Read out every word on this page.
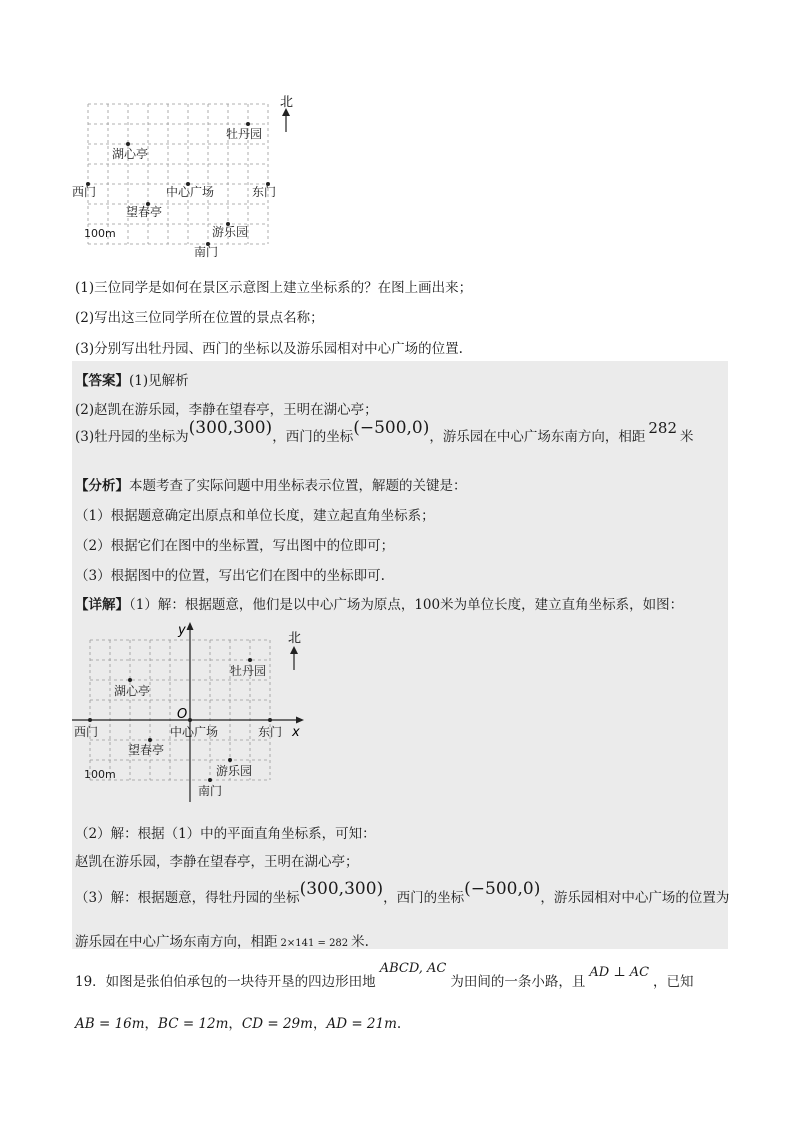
北
牡丹园
湖心亭
西门	中心广场	东门
望春亭
游乐园
南门
100m
(1)三位同学是如何在景区示意图上建立坐标系的？在图上画出来；
(2)写出这三位同学所在位置的景点名称；
(3)分别写出牡丹园、西门的坐标以及游乐园相对中心广场的位置.
【答案】(1)见解析
(2)赵凯在游乐园，李静在望春亭，王明在湖心亭；
(3)牡丹园的坐标为(300,300)，西门的坐标(−500,0)，游乐园在中心广场东南方向，相距 282 米
【分析】本题考查了实际问题中用坐标表示位置，解题的关键是：
（1）根据题意确定出原点和单位长度，建立起直角坐标系；
（2）根据它们在图中的坐标置，写出图中的位即可；
（3）根据图中的位置，写出它们在图中的坐标即可.
【详解】（1）解：根据题意，他们是以中心广场为原点，100米为单位长度，建立直角坐标系，如图：
y
x
O
北
牡丹园
湖心亭
西门	中心广场	东门
望春亭
游乐园
南门
100m
（2）解：根据（1）中的平面直角坐标系，可知：
赵凯在游乐园，李静在望春亭，王明在湖心亭；
（3）解：根据题意，得牡丹园的坐标(300,300)，西门的坐标(−500,0)，游乐园相对中心广场的位置为
游乐园在中心广场东南方向，相距 2×141 = 282 米.
19．如图是张伯伯承包的一块待开垦的四边形田地ABCD, AC为田间的一条小路，且AD ⊥ AC，已知
AB = 16m，BC = 12m，CD = 29m，AD = 21m.
